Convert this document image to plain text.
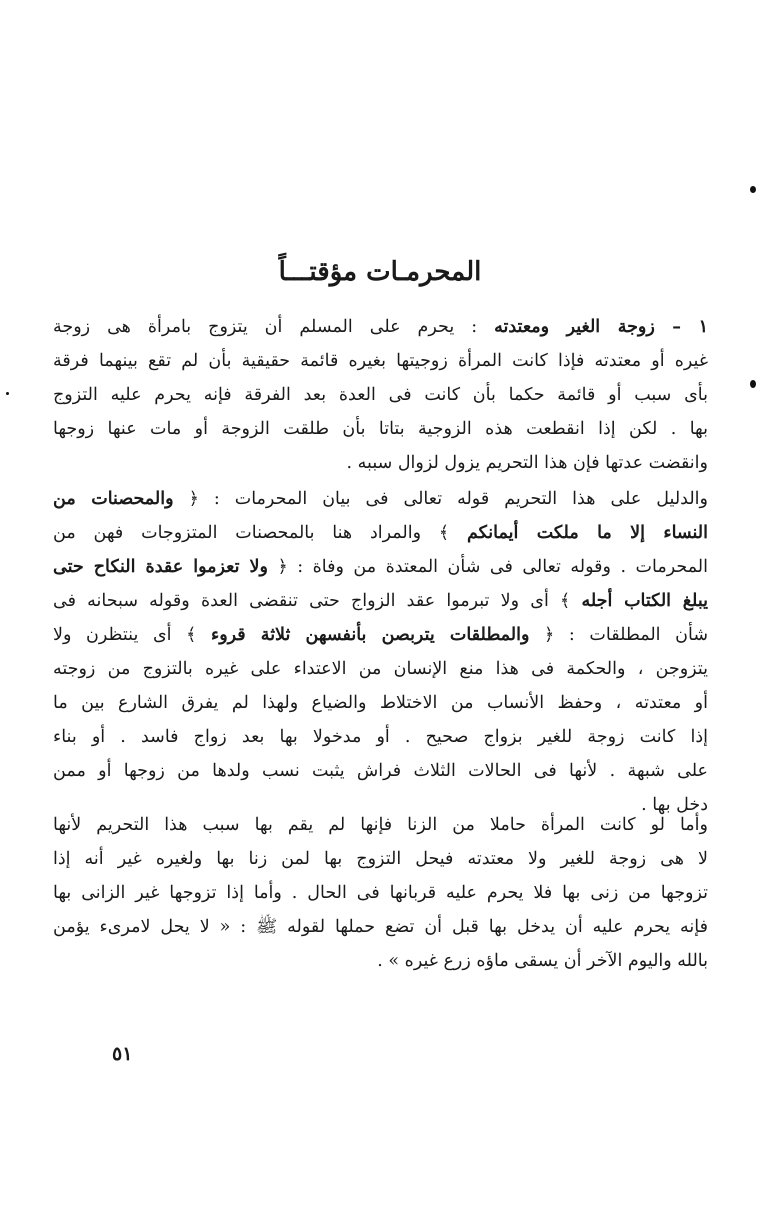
المحرمـات مؤقتـــاً
١ – زوجة الغير ومعتدته : يحرم على المسلم أن يتزوج بامرأة هى زوجة
غيره أو معتدته فإذا كانت المرأة زوجيتها بغيره قائمة حقيقية بأن لم تقع بينهما فرقة
بأى سبب أو قائمة حكما بأن كانت فى العدة بعد الفرقة فإنه يحرم عليه التزوج
بها . لكن إذا انقطعت هذه الزوجية بتاتا بأن طلقت الزوجة أو مات عنها زوجها
وانقضت عدتها فإن هذا التحريم يزول لزوال سببه .
والدليل على هذا التحريم قوله تعالى فى بيان المحرمات : ﴿ والمحصنات من
النساء إلا ما ملكت أيمانكم ﴾ والمراد هنا بالمحصنات المتزوجات فهن من
المحرمات . وقوله تعالى فى شأن المعتدة من وفاة : ﴿ ولا تعزموا عقدة النكاح حتى
يبلغ الكتاب أجله ﴾ أى ولا تبرموا عقد الزواج حتى تنقضى العدة وقوله سبحانه فى
شأن المطلقات : ﴿ والمطلقات يتربصن بأنفسهن ثلاثة قروء ﴾ أى ينتظرن ولا
يتزوجن ، والحكمة فى هذا منع الإنسان من الاعتداء على غيره بالتزوج من زوجته
أو معتدته ، وحفظ الأنساب من الاختلاط والضياع ولهذا لم يفرق الشارع بين ما
إذا كانت زوجة للغير بزواج صحيح . أو مدخولا بها بعد زواج فاسد . أو بناء
على شبهة . لأنها فى الحالات الثلاث فراش يثبت نسب ولدها من زوجها أو ممن
دخل بها .
وأما لو كانت المرأة حاملا من الزنا فإنها لم يقم بها سبب هذا التحريم لأنها
لا هى زوجة للغير ولا معتدته فيحل التزوج بها لمن زنا بها ولغيره غير أنه إذا
تزوجها من زنى بها فلا يحرم عليه قربانها فى الحال . وأما إذا تزوجها غير الزانى بها
فإنه يحرم عليه أن يدخل بها قبل أن تضع حملها لقوله ﷺ : « لا يحل لامرىء يؤمن
بالله واليوم الآخر أن يسقى ماؤه زرع غيره » .
٥١
